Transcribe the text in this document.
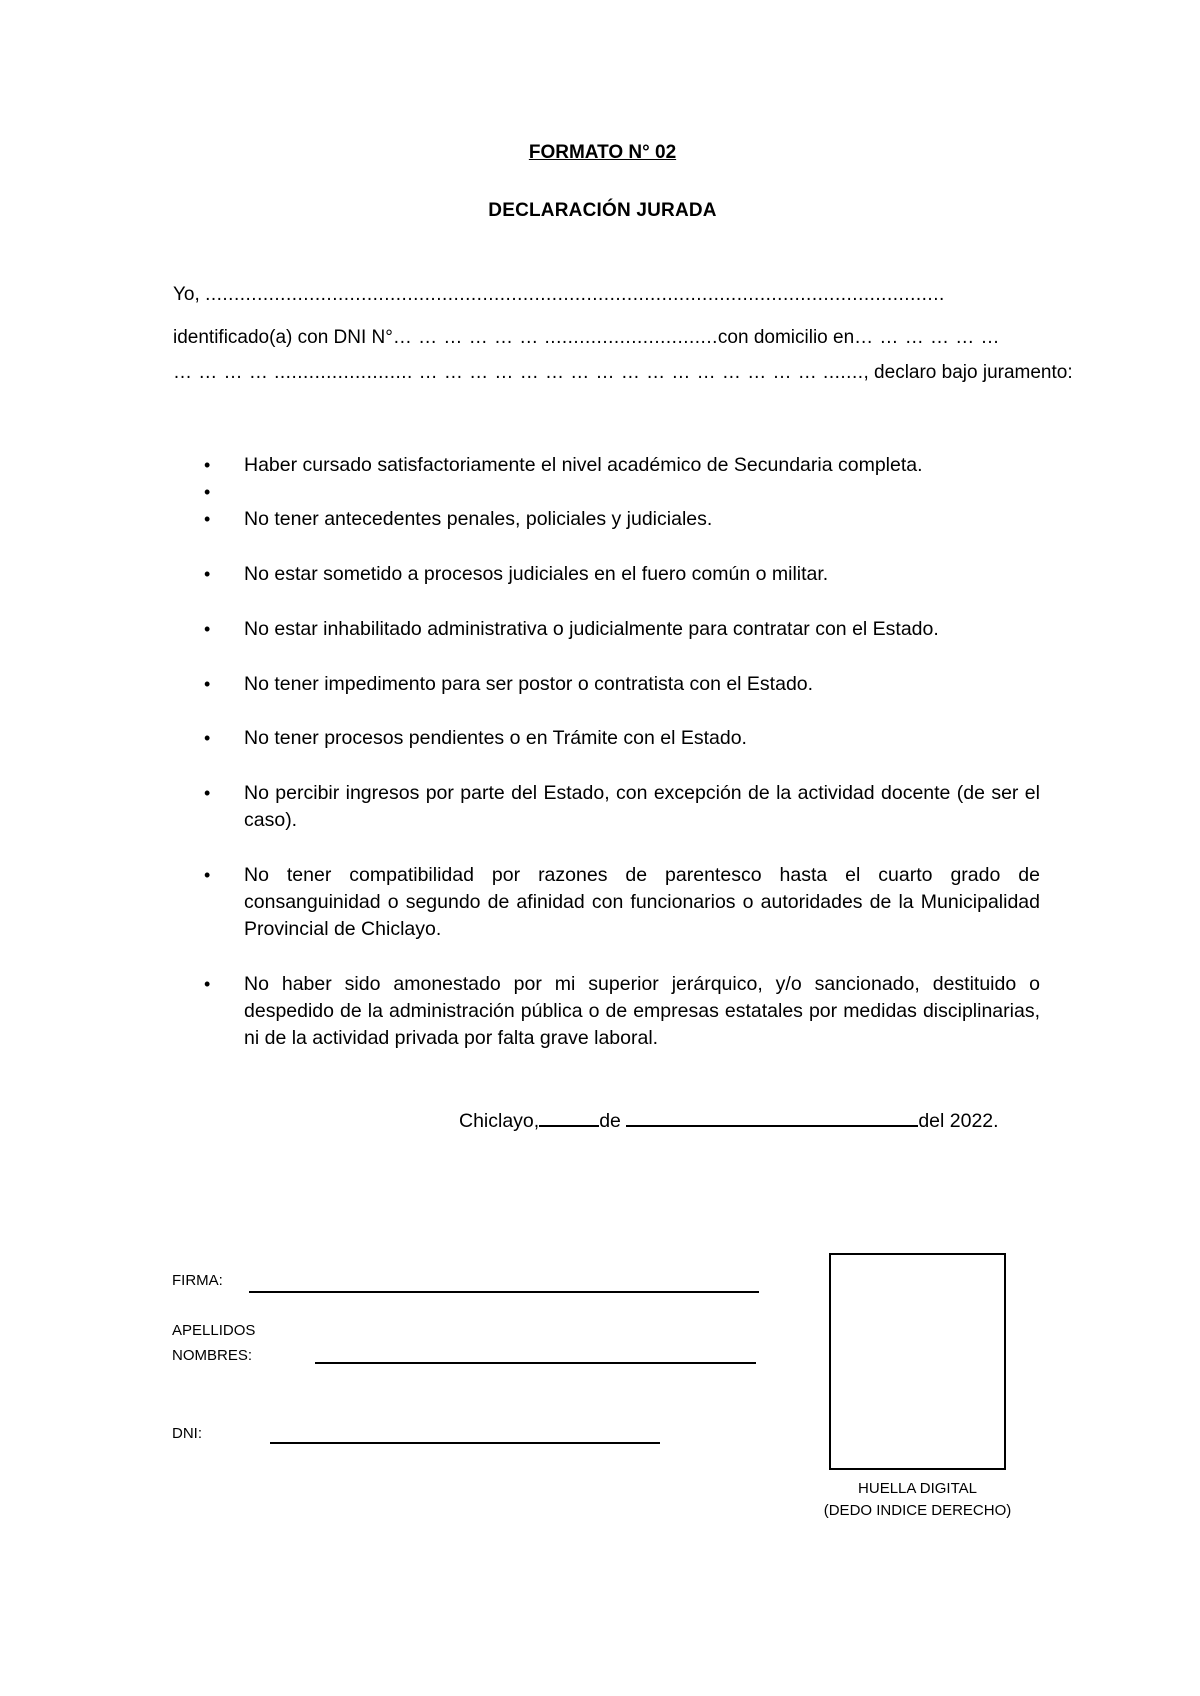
FORMATO N° 02
DECLARACIÓN JURADA
Yo, ................................................................................................................................
identificado(a) con DNI N°… … … … … … ..............................con domicilio en… … … … … …
… … … … ........................ … … … … … … … … … … … … … … … … ......., declaro bajo juramento:
• Haber cursado satisfactoriamente el nivel académico de Secundaria completa.
•
• No tener antecedentes penales, policiales y judiciales.
• No estar sometido a procesos judiciales en el fuero común o militar.
• No estar inhabilitado administrativa o judicialmente para contratar con el Estado.
• No tener impedimento para ser postor o contratista con el Estado.
• No tener procesos pendientes o en Trámite con el Estado.
• No percibir ingresos por parte del Estado, con excepción de la actividad docente (de ser el caso).
• No tener compatibilidad por razones de parentesco hasta el cuarto grado de consanguinidad o segundo de afinidad con funcionarios o autoridades de la Municipalidad Provincial de Chiclayo.
• No haber sido amonestado por mi superior jerárquico, y/o sancionado, destituido o despedido de la administración pública o de empresas estatales por medidas disciplinarias, ni de la actividad privada por falta grave laboral.
Chiclayo,	de	del 2022.
FIRMA:
APELLIDOS
NOMBRES:
DNI:
HUELLA DIGITAL
(DEDO INDICE DERECHO)
